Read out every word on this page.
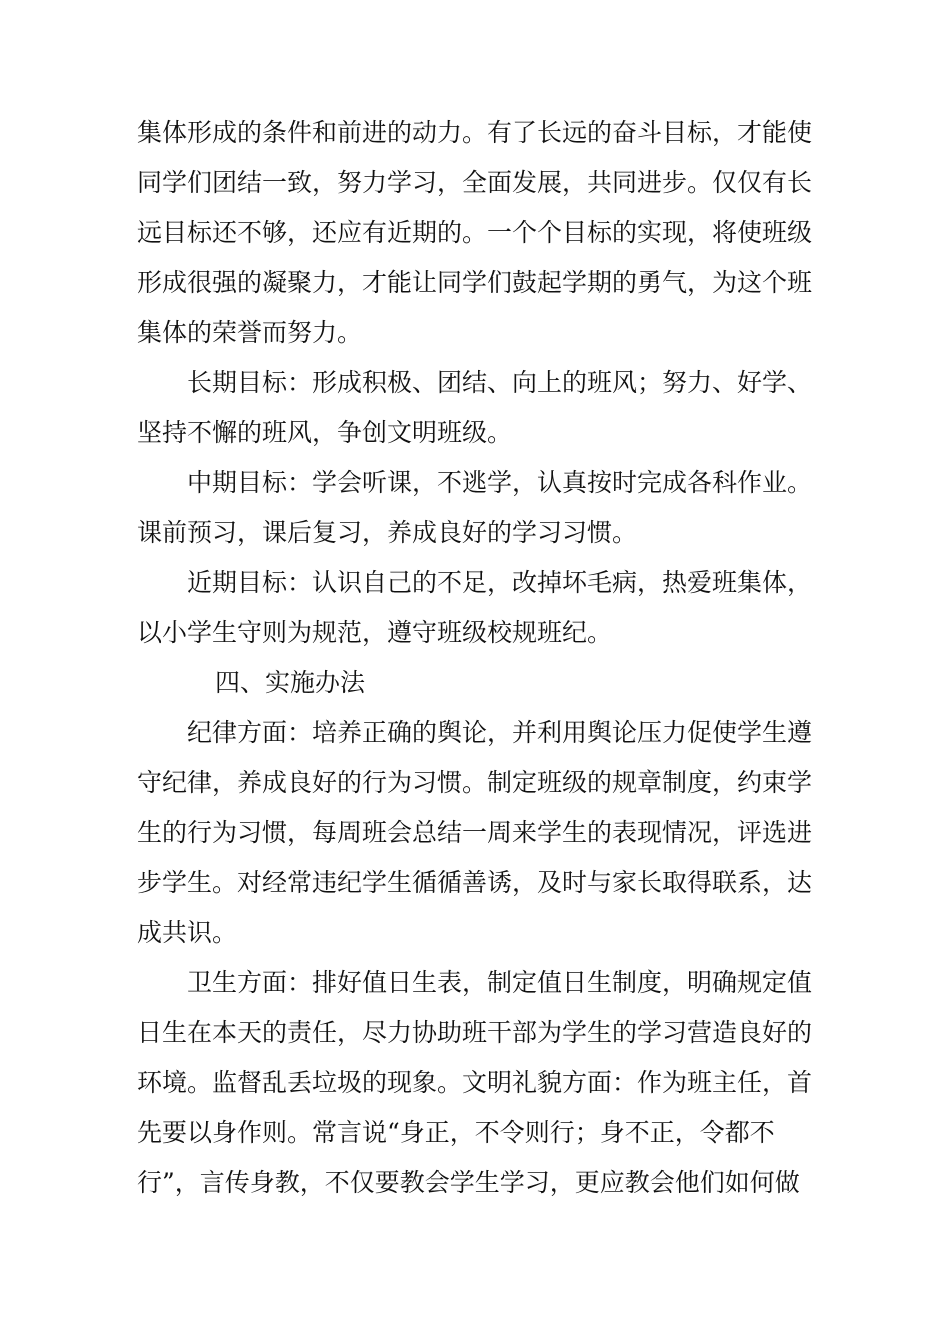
集体形成的条件和前进的动力。有了长远的奋斗目标，才能使
同学们团结一致，努力学习，全面发展，共同进步。仅仅有长
远目标还不够，还应有近期的。一个个目标的实现，将使班级
形成很强的凝聚力，才能让同学们鼓起学期的勇气，为这个班
集体的荣誉而努力。
长期目标：形成积极、团结、向上的班风；努力、好学、
坚持不懈的班风，争创文明班级。
中期目标：学会听课，不逃学，认真按时完成各科作业。
课前预习，课后复习，养成良好的学习习惯。
近期目标：认识自己的不足，改掉坏毛病，热爱班集体，
以小学生守则为规范，遵守班级校规班纪。
四、实施办法
纪律方面：培养正确的舆论，并利用舆论压力促使学生遵
守纪律，养成良好的行为习惯。制定班级的规章制度，约束学
生的行为习惯，每周班会总结一周来学生的表现情况，评选进
步学生。对经常违纪学生循循善诱，及时与家长取得联系，达
成共识。
卫生方面：排好值日生表，制定值日生制度，明确规定值
日生在本天的责任，尽力协助班干部为学生的学习营造良好的
环境。监督乱丢垃圾的现象。文明礼貌方面：作为班主任，首
先要以身作则。常言说“身正，不令则行；身不正，令都不
行”，言传身教，不仅要教会学生学习，更应教会他们如何做
